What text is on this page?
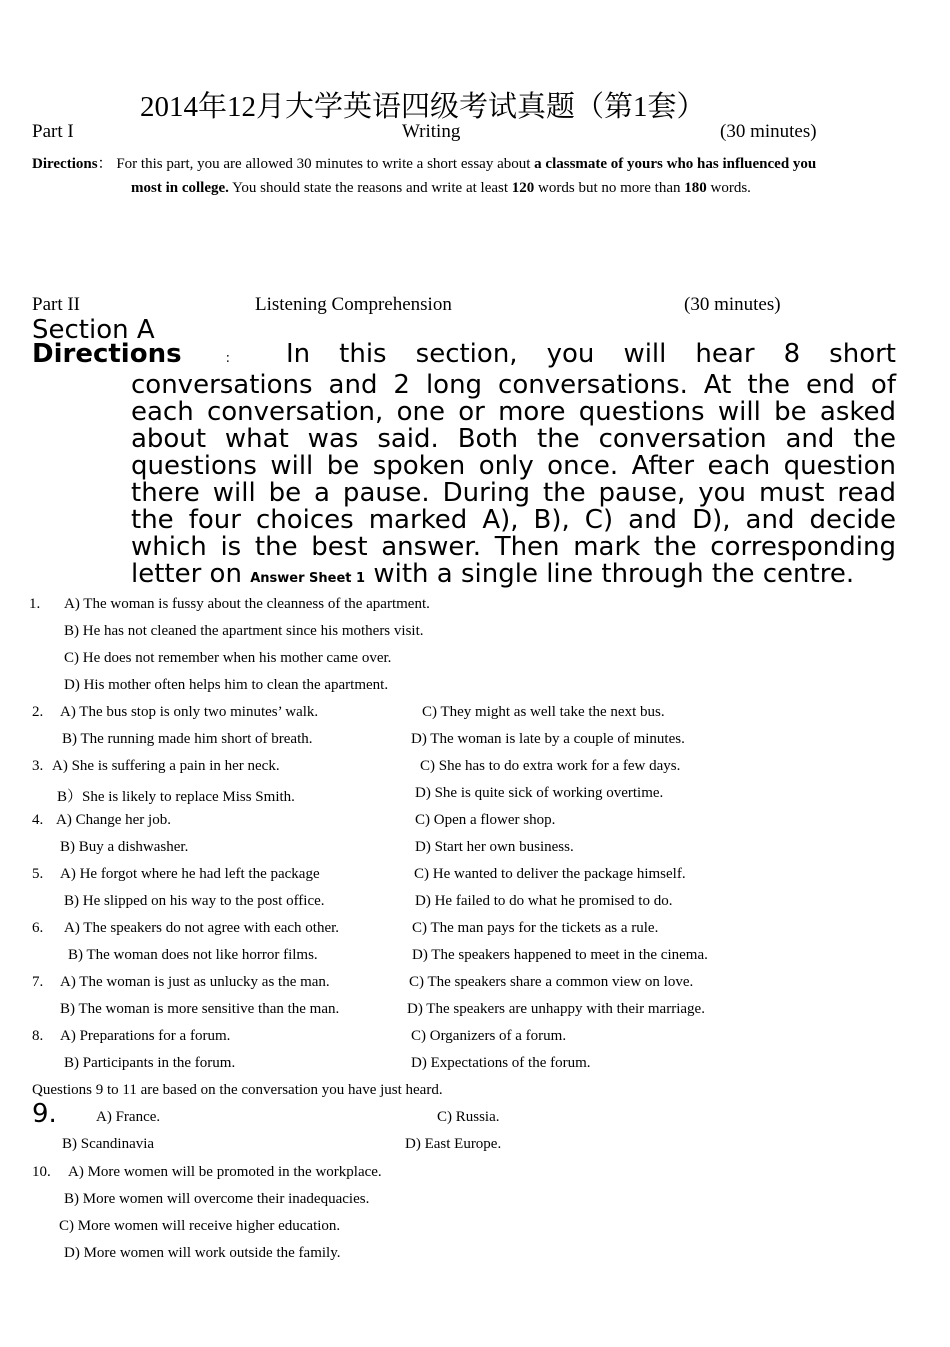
2014年12月大学英语四级考试真题（第1套）
Part I	Writing	(30 minutes)
Directions： For this part, you are allowed 30 minutes to write a short essay about a classmate of yours who has influenced you
most in college. You should state the reasons and write at least 120 words but no more than 180 words.
Part II	Listening Comprehension	(30 minutes)
Section A
Directions	: In this section, you will hear 8 short
conversations and 2 long conversations. At the end of
each conversation, one or more questions will be asked
about what was said. Both the conversation and the
questions will be spoken only once. After each question
there will be a pause. During the pause, you must read
the four choices marked A), B), C) and D), and decide
which is the best answer. Then mark the corresponding
letter on Answer Sheet 1 with a single line through the centre.
1. A) The woman is fussy about the cleanness of the apartment.
B) He has not cleaned the apartment since his mothers visit.
C) He does not remember when his mother came over.
D) His mother often helps him to clean the apartment.
2. A) The bus stop is only two minutes’ walk.	C) They might as well take the next bus.
B) The running made him short of breath.	D) The woman is late by a couple of minutes.
3. A) She is suffering a pain in her neck.	C) She has to do extra work for a few days.
B）She is likely to replace Miss Smith.	D) She is quite sick of working overtime.
4. A) Change her job.	C) Open a flower shop.
B) Buy a dishwasher.	D) Start her own business.
5. A) He forgot where he had left the package	C) He wanted to deliver the package himself.
B) He slipped on his way to the post office.	D) He failed to do what he promised to do.
6. A) The speakers do not agree with each other.	C) The man pays for the tickets as a rule.
B) The woman does not like horror films.	D) The speakers happened to meet in the cinema.
7. A) The woman is just as unlucky as the man.	C) The speakers share a common view on love.
B) The woman is more sensitive than the man.	D) The speakers are unhappy with their marriage.
8. A) Preparations for a forum.	C) Organizers of a forum.
B) Participants in the forum.	D) Expectations of the forum.
Questions 9 to 11 are based on the conversation you have just heard.
9.	A) France.	C) Russia.
B) Scandinavia	D) East Europe.
10. A) More women will be promoted in the workplace.
B) More women will overcome their inadequacies.
C) More women will receive higher education.
D) More women will work outside the family.
